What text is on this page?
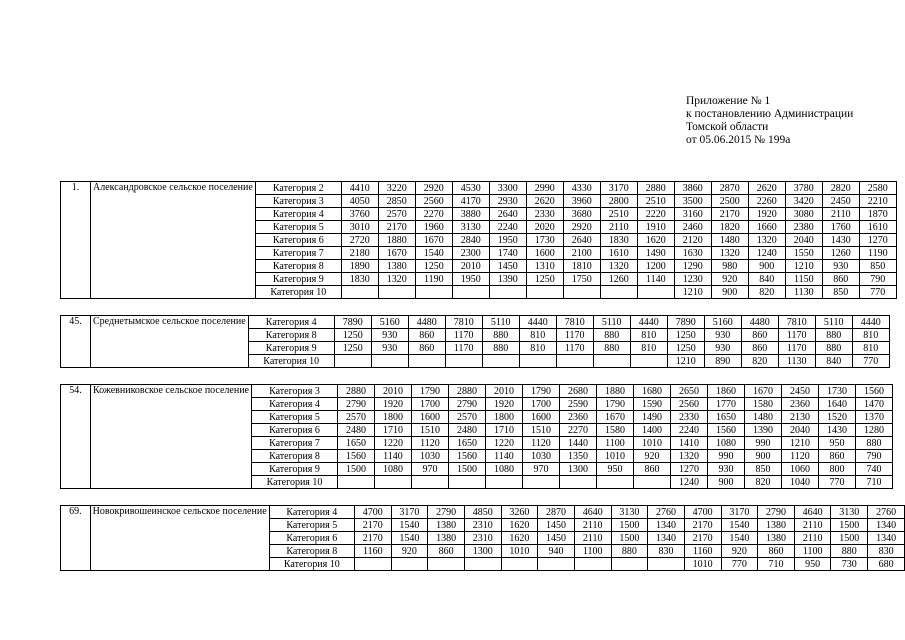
Приложение № 1
к постановлению Администрации
Томской области
от 05.06.2015 № 199а
1.	Александровское сельское поселение	Категория 2	4410	3220	2920	4530	3300	2990	4330	3170	2880	3860	2870	2620	3780	2820	2580
		Категория 3	4050	2850	2560	4170	2930	2620	3960	2800	2510	3500	2500	2260	3420	2450	2210
		Категория 4	3760	2570	2270	3880	2640	2330	3680	2510	2220	3160	2170	1920	3080	2110	1870
		Категория 5	3010	2170	1960	3130	2240	2020	2920	2110	1910	2460	1820	1660	2380	1760	1610
		Категория 6	2720	1880	1670	2840	1950	1730	2640	1830	1620	2120	1480	1320	2040	1430	1270
		Категория 7	2180	1670	1540	2300	1740	1600	2100	1610	1490	1630	1320	1240	1550	1260	1190
		Категория 8	1890	1380	1250	2010	1450	1310	1810	1320	1200	1290	980	900	1210	930	850
		Категория 9	1830	1320	1190	1950	1390	1250	1750	1260	1140	1230	920	840	1150	860	790
		Категория 10										1210	900	820	1130	850	770
45.	Среднетымское сельское поселение	Категория 4	7890	5160	4480	7810	5110	4440	7810	5110	4440	7890	5160	4480	7810	5110	4440
		Категория 8	1250	930	860	1170	880	810	1170	880	810	1250	930	860	1170	880	810
		Категория 9	1250	930	860	1170	880	810	1170	880	810	1250	930	860	1170	880	810
		Категория 10										1210	890	820	1130	840	770
54.	Кожевниковское сельское поселение	Категория 3	2880	2010	1790	2880	2010	1790	2680	1880	1680	2650	1860	1670	2450	1730	1560
		Категория 4	2790	1920	1700	2790	1920	1700	2590	1790	1590	2560	1770	1580	2360	1640	1470
		Категория 5	2570	1800	1600	2570	1800	1600	2360	1670	1490	2330	1650	1480	2130	1520	1370
		Категория 6	2480	1710	1510	2480	1710	1510	2270	1580	1400	2240	1560	1390	2040	1430	1280
		Категория 7	1650	1220	1120	1650	1220	1120	1440	1100	1010	1410	1080	990	1210	950	880
		Категория 8	1560	1140	1030	1560	1140	1030	1350	1010	920	1320	990	900	1120	860	790
		Категория 9	1500	1080	970	1500	1080	970	1300	950	860	1270	930	850	1060	800	740
		Категория 10										1240	900	820	1040	770	710
69.	Новокривошеинское сельское поселение	Категория 4	4700	3170	2790	4850	3260	2870	4640	3130	2760	4700	3170	2790	4640	3130	2760
		Категория 5	2170	1540	1380	2310	1620	1450	2110	1500	1340	2170	1540	1380	2110	1500	1340
		Категория 6	2170	1540	1380	2310	1620	1450	2110	1500	1340	2170	1540	1380	2110	1500	1340
		Категория 8	1160	920	860	1300	1010	940	1100	880	830	1160	920	860	1100	880	830
		Категория 10										1010	770	710	950	730	680
